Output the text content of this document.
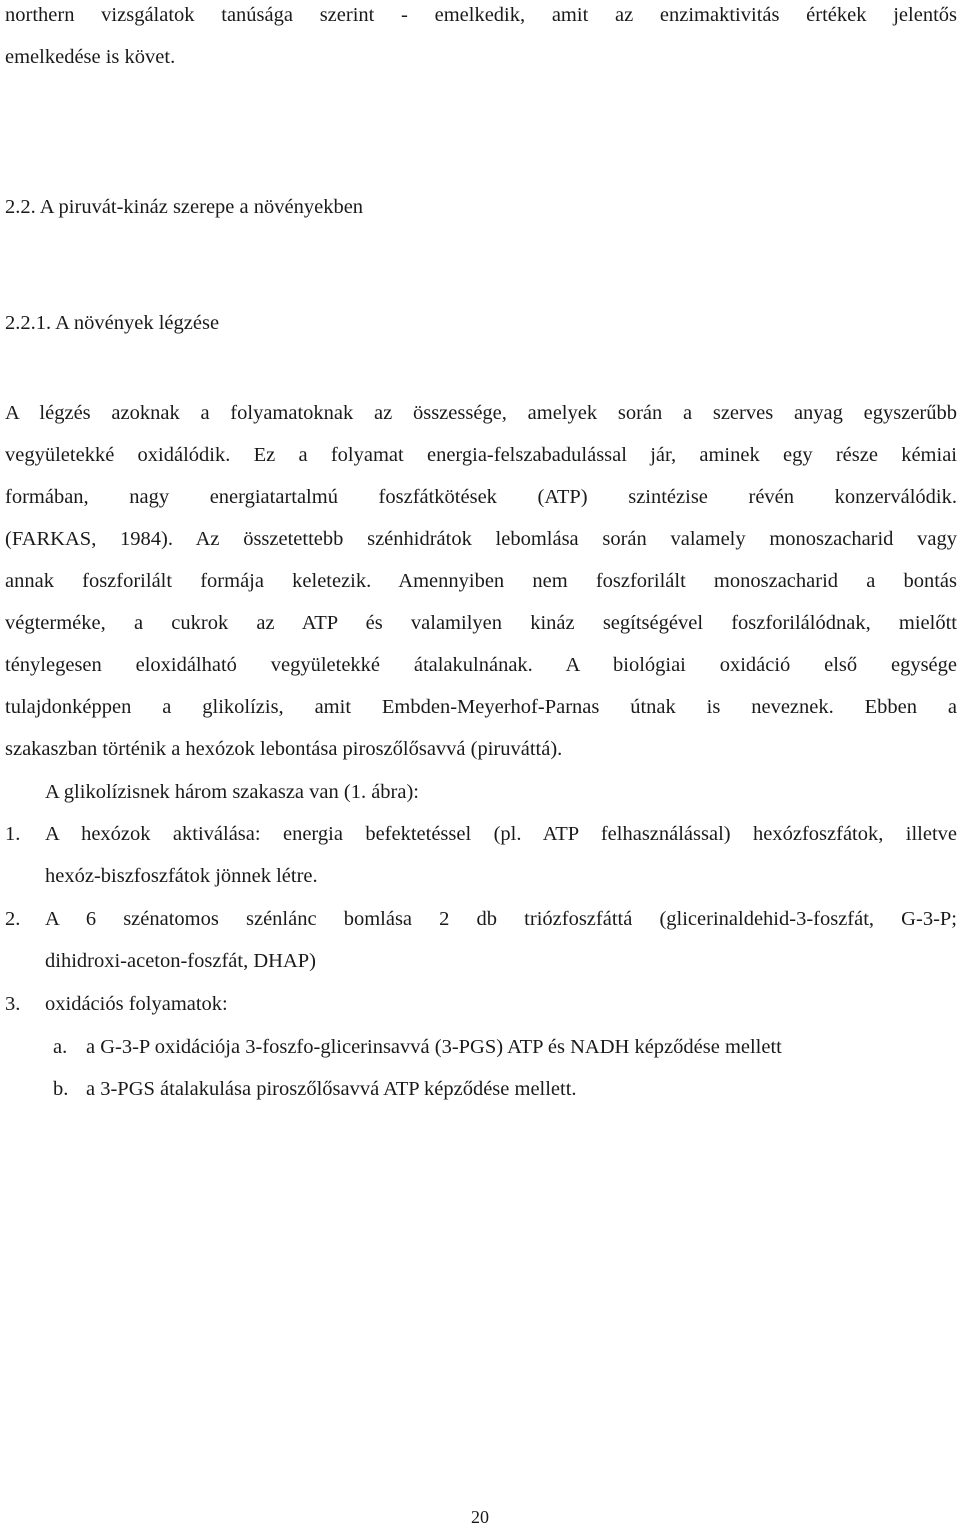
northern vizsgálatok tanúsága szerint - emelkedik, amit az enzimaktivitás értékek jelentős
emelkedése is követ.
2.2. A piruvát-kináz szerepe a növényekben
2.2.1. A növények légzése
A légzés azoknak a folyamatoknak az összessége, amelyek során a szerves anyag egyszerűbb
vegyületekké oxidálódik. Ez a folyamat energia-felszabadulással jár, aminek egy része kémiai
formában, nagy energiatartalmú foszfátkötések (ATP) szintézise révén konzerválódik.
(FARKAS, 1984). Az összetettebb szénhidrátok lebomlása során valamely monoszacharid vagy
annak foszforilált formája keletezik. Amennyiben nem foszforilált monoszacharid a bontás
végterméke, a cukrok az ATP és valamilyen kináz segítségével foszforilálódnak, mielőtt
ténylegesen eloxidálható vegyületekké átalakulnának. A biológiai oxidáció első egysége
tulajdonképpen a glikolízis, amit Embden-Meyerhof-Parnas útnak is neveznek. Ebben a
szakaszban történik a hexózok lebontása piroszőlősavvá (piruváttá).
A glikolízisnek három szakasza van (1. ábra):
1. A hexózok aktiválása: energia befektetéssel (pl. ATP felhasználással) hexózfoszfátok, illetve
hexóz-biszfoszfátok jönnek létre.
2. A 6 szénatomos szénlánc bomlása 2 db triózfoszfáttá (glicerinaldehid-3-foszfát, G-3-P;
dihidroxi-aceton-foszfát, DHAP)
3. oxidációs folyamatok:
a. a G-3-P oxidációja 3-foszfo-glicerinsavvá (3-PGS) ATP és NADH képződése mellett
b. a 3-PGS átalakulása piroszőlősavvá ATP képződése mellett.
20
